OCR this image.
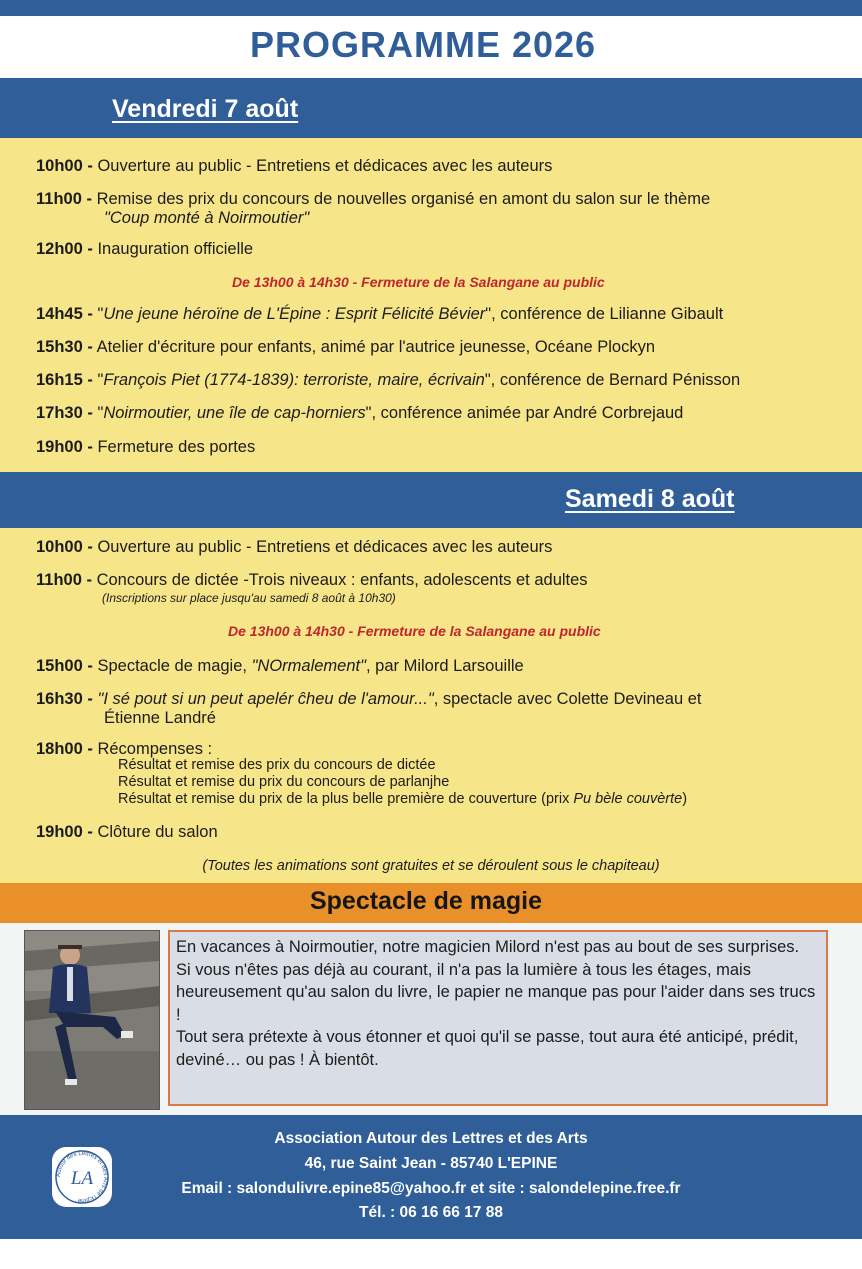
PROGRAMME 2026
Vendredi 7 août
10h00 - Ouverture au public - Entretiens et dédicaces avec les auteurs
11h00 - Remise des prix du concours de nouvelles organisé en amont du salon sur le thème
"Coup monté à Noirmoutier"
12h00 - Inauguration officielle
De 13h00 à 14h30 - Fermeture de la Salangane au public
14h45 - "Une jeune héroïne de L'Épine : Esprit Félicité Bévier", conférence de Lilianne Gibault
15h30 - Atelier d'écriture pour enfants, animé par l'autrice jeunesse, Océane Plockyn
16h15 - "François Piet (1774-1839): terroriste, maire, écrivain", conférence de Bernard Pénisson
17h30 - "Noirmoutier, une île de cap-horniers", conférence animée par André Corbrejaud
19h00 - Fermeture des portes
Samedi 8 août
10h00 - Ouverture au public - Entretiens et dédicaces avec les auteurs
11h00 - Concours de dictée -Trois niveaux : enfants, adolescents et adultes
(Inscriptions sur place jusqu'au samedi 8 août à 10h30)
De 13h00 à 14h30 - Fermeture de la Salangane au public
15h00 - Spectacle de magie, "NOrmalement", par Milord Larsouille
16h30 - "I sé pout si un peut apelér ĉheu de l'amour...", spectacle avec Colette Devineau et
Étienne Landré
18h00 - Récompenses :
Résultat et remise des prix du concours de dictée
Résultat et remise du prix du concours de parlanjhe
Résultat et remise du prix de la plus belle première de couverture (prix Pu bèle couvèrte)
19h00 - Clôture du salon
(Toutes les animations sont gratuites et se déroulent sous le chapiteau)
Spectacle de magie
En vacances à Noirmoutier, notre magicien Milord n'est pas au bout de ses surprises.
Si vous n'êtes pas déjà au courant, il n'a pas la lumière à tous les étages, mais heureusement qu'au salon du livre, le papier ne manque pas pour l'aider dans ses trucs !
Tout sera prétexte à vous étonner et quoi qu'il se passe, tout aura été anticipé, prédit, deviné… ou pas ! À bientôt.
Autour des Lettres et des Arts de l'Épine
LA
Association Autour des Lettres et des Arts
46, rue Saint Jean - 85740 L'EPINE
Email : salondulivre.epine85@yahoo.fr et site : salondelepine.free.fr
Tél. : 06 16 66 17 88
